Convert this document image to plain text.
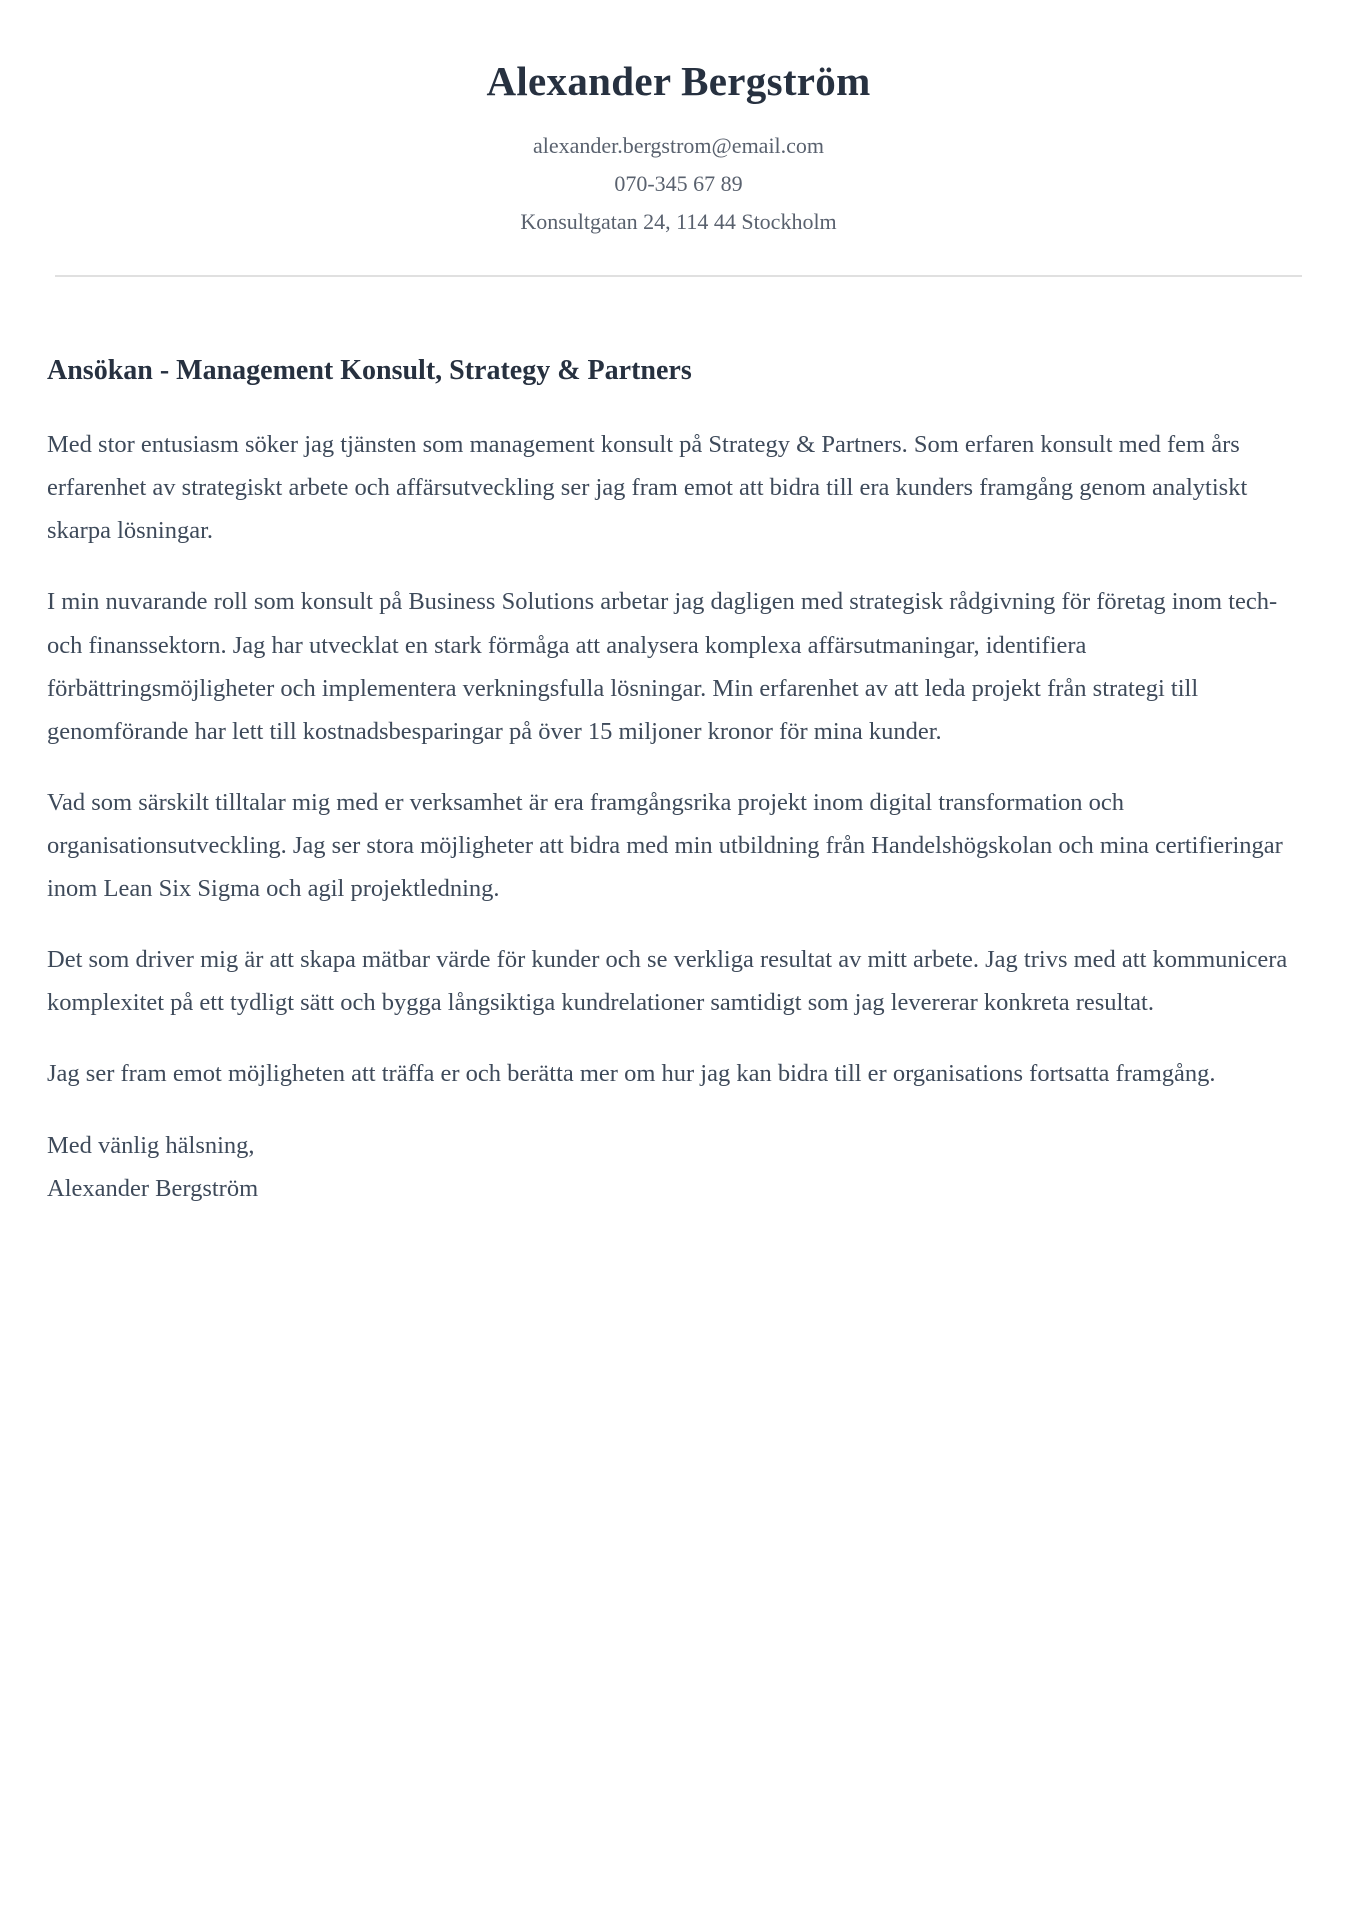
Alexander Bergström
alexander.bergstrom@email.com
070-345 67 89
Konsultgatan 24, 114 44 Stockholm
Ansökan - Management Konsult, Strategy & Partners

Med stor entusiasm söker jag tjänsten som management konsult på Strategy & Partners. Som erfaren konsult med fem års erfarenhet av strategiskt arbete och affärsutveckling ser jag fram emot att bidra till era kunders framgång genom analytiskt skarpa lösningar.

I min nuvarande roll som konsult på Business Solutions arbetar jag dagligen med strategisk rådgivning för företag inom tech- och finanssektorn. Jag har utvecklat en stark förmåga att analysera komplexa affärsutmaningar, identifiera förbättringsmöjligheter och implementera verkningsfulla lösningar. Min erfarenhet av att leda projekt från strategi till genomförande har lett till kostnadsbesparingar på över 15 miljoner kronor för mina kunder.

Vad som särskilt tilltalar mig med er verksamhet är era framgångsrika projekt inom digital transformation och organisationsutveckling. Jag ser stora möjligheter att bidra med min utbildning från Handelshögskolan och mina certifieringar inom Lean Six Sigma och agil projektledning.

Det som driver mig är att skapa mätbar värde för kunder och se verkliga resultat av mitt arbete. Jag trivs med att kommunicera komplexitet på ett tydligt sätt och bygga långsiktiga kundrelationer samtidigt som jag levererar konkreta resultat.

Jag ser fram emot möjligheten att träffa er och berätta mer om hur jag kan bidra till er organisations fortsatta framgång.

Med vänlig hälsning,
Alexander Bergström
